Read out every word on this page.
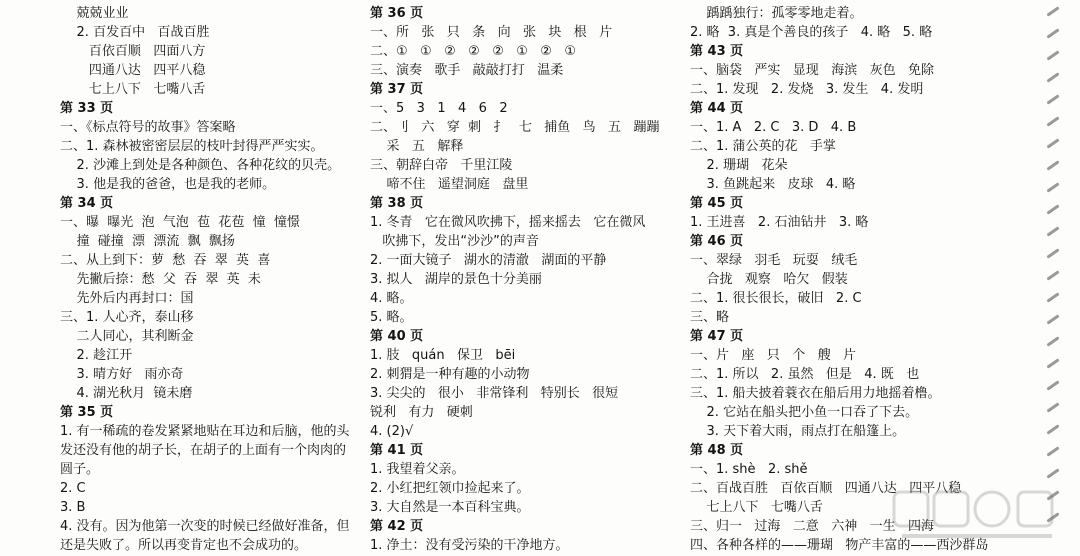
兢兢业业
2. 百发百中   百战百胜
百依百顺   四面八方
四通八达   四平八稳
七上八下   七嘴八舌
第 33 页
一、《标点符号的故事》答案略
二、1. 森林被密密层层的枝叶封得严严实实。
2. 沙滩上到处是各种颜色、各种花纹的贝壳。
3. 他是我的爸爸，也是我的老师。
第 34 页
一、曝  曝光  泡  气泡  苞  花苞  憧  憧憬
撞  碰撞  漂  漂流  飘  飘扬
二、从上到下：萝  愁  吞  翠  英  喜
先撇后捺：愁  父  吞  翠  英  未
先外后内再封口：国
三、1. 人心齐，泰山移
二人同心，其利断金
2. 趁江开
3. 晴方好   雨亦奇
4. 湖光秋月  镜未磨
第 35 页
1. 有一稀疏的卷发紧紧地贴在耳边和后脑，他的头
发还没有他的胡子长，在胡子的上面有一个肉肉的
圆子。
2. C
3. B
4. 没有。因为他第一次变的时候已经做好准备，但
还是失败了。所以再变肯定也不会成功的。
第 36 页
一、所   张   只   条   向   张   块   根   片
二、①   ①   ②   ②   ②   ①   ②   ①
三、演奏   歌手   敲敲打打   温柔
第 37 页
一、5   3   1   4   6   2
二、刂   六   穿  刺   扌   七   捕鱼   鸟   五   蹦蹦
采   五   解释
三、朝辞白帝   千里江陵
啼不住   遥望洞庭   盘里
第 38 页
1. 冬青   它在微风吹拂下，摇来摇去   它在微风
吹拂下，发出“沙沙”的声音
2. 一面大镜子   湖水的清澈   湖面的平静
3. 拟人   湖岸的景色十分美丽
4. 略。
5. 略。
第 40 页
1. 肢   quán   保卫   bēi
2. 刺猬是一种有趣的小动物
3. 尖尖的   很小   非常锋利   特别长   很短
锐利   有力   硬刺
4. (2)√
第 41 页
1. 我望着父亲。
2. 小红把红领巾捡起来了。
3. 大自然是一本百科宝典。
第 42 页
1. 净土：没有受污染的干净地方。
踽踽独行：孤零零地走着。
2. 略  3. 真是个善良的孩子   4. 略   5. 略
第 43 页
一、脑袋   严实   显现   海滨   灰色   免除
二、1. 发现   2. 发烧   3. 发生   4. 发明
第 44 页
一、1. A   2. C   3. D   4. B
二、1. 蒲公英的花   手掌
2. 珊瑚   花朵
3. 鱼跳起来   皮球   4. 略
第 45 页
1. 王进喜   2. 石油钻井   3. 略
第 46 页
一、翠绿   羽毛   玩耍   绒毛
合拢   观察   哈欠   假装
二、1. 很长很长，破旧   2. C
三、略
第 47 页
一、片   座   只   个   艘   片
二、1. 所以   2. 虽然   但是   4. 既   也
三、1. 船夫披着蓑衣在船后用力地摇着橹。
2. 它站在船头把小鱼一口吞了下去。
3. 天下着大雨，雨点打在船篷上。
第 48 页
一、1. shè   2. shě
二、百战百胜   百依百顺   四通八达   四平八稳
七上八下   七嘴八舌
三、归一   过海   二意   六神   一生   四海
四、各种各样的——珊瑚   物产丰富的——西沙群岛
